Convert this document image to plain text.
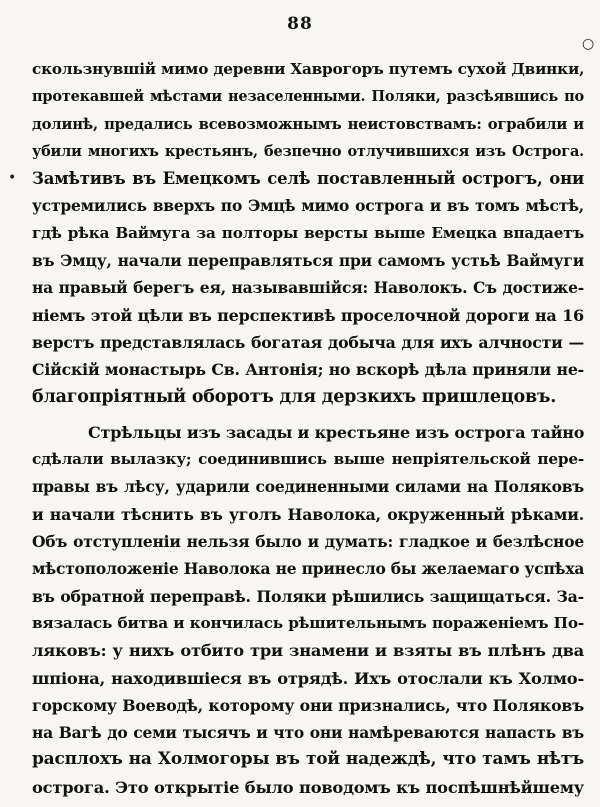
88
○
•
скользнувшій мимо деревни Хаврогоръ путемъ сухой Двинки,
протекавшей мѣстами незаселенными. Поляки, разсѣявшись по
долинѣ, предались всевозможнымъ неистовствамъ: ограбили и
убили многихъ крестьянъ, безпечно отлучившихся изъ Острога.
Замѣтивъ въ Емецкомъ селѣ поставленный острогъ, они
устремились вверхъ по Эмцѣ мимо острога и въ томъ мѣстѣ,
гдѣ рѣка Ваймуга за полторы версты выше Емецка впадаетъ
въ Эмцу, начали переправляться при самомъ устьѣ Ваймуги
на правый берегъ ея, называвшійся: Наволокъ. Съ достиже-
ніемъ этой цѣли въ перспективѣ проселочной дороги на 16
верстъ представлялась богатая добыча для ихъ алчности —
Сійскій монастырь Св. Антонія; но вскорѣ дѣла приняли не-
благопріятный оборотъ для дерзкихъ пришлецовъ.
Стрѣльцы изъ засады и крестьяне изъ острога тайно
сдѣлали вылазку; соединившись выше непріятельской пере-
правы въ лѣсу, ударили соединенными силами на Поляковъ
и начали тѣснить въ уголъ Наволока, окруженный рѣками.
Объ отступленіи нельзя было и думать: гладкое и безлѣсное
мѣстоположеніе Наволока не принесло бы желаемаго успѣха
въ обратной переправѣ. Поляки рѣшились защищаться. За-
вязалась битва и кончилась рѣшительнымъ пораженіемъ По-
ляковъ: у нихъ отбито три знамени и взяты въ плѣнъ два
шпіона, находившіеся въ отрядѣ. Ихъ отослали къ Холмо-
горскому Воеводѣ, которому они признались, что Поляковъ
на Вагѣ до семи тысячъ и что они намѣреваются напасть въ
расплохъ на Холмогоры въ той надеждѣ, что тамъ нѣтъ
острога. Это открытіе было поводомъ къ поспѣшнѣйшему
